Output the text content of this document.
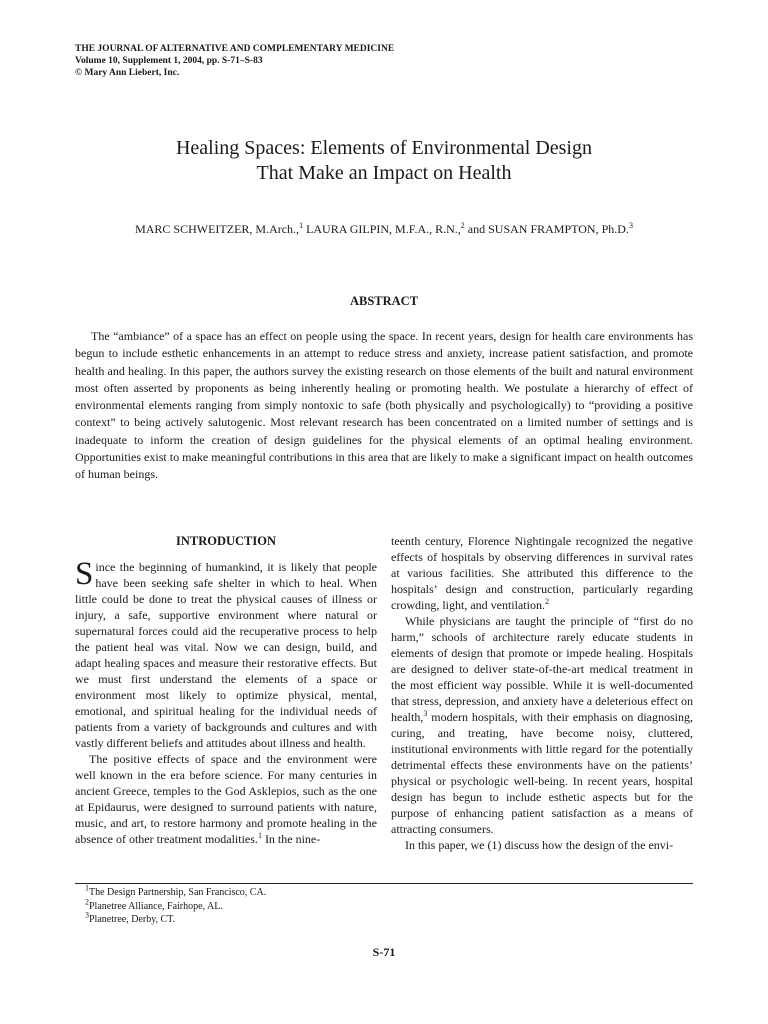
THE JOURNAL OF ALTERNATIVE AND COMPLEMENTARY MEDICINE
Volume 10, Supplement 1, 2004, pp. S-71–S-83
© Mary Ann Liebert, Inc.
Healing Spaces: Elements of Environmental Design
That Make an Impact on Health
MARC SCHWEITZER, M.Arch.,$^1$ LAURA GILPIN, M.F.A., R.N.,$^2$ and SUSAN FRAMPTON, Ph.D.$^3$
ABSTRACT

The “ambiance” of a space has an effect on people using the space. In recent years, design for health care environments has begun to include esthetic enhancements in an attempt to reduce stress and anxiety, increase patient satisfaction, and promote health and healing. In this paper, the authors survey the existing research on those elements of the built and natural environment most often asserted by proponents as being inherently healing or promoting health. We postulate a hierarchy of effect of environmental elements ranging from simply nontoxic to safe (both physically and psychologically) to “providing a positive context” to being actively salutogenic. Most relevant research has been concentrated on a limited number of settings and is inadequate to inform the creation of design guidelines for the physical elements of an optimal healing environment. Opportunities exist to make meaningful contributions in this area that are likely to make a significant impact on health outcomes of human beings.

INTRODUCTION

Since the beginning of humankind, it is likely that people have been seeking safe shelter in which to heal. When little could be done to treat the physical causes of illness or injury, a safe, supportive environment where natural or supernatural forces could aid the recuperative process to help the patient heal was vital. Now we can design, build, and adapt healing spaces and measure their restorative effects. But we must first understand the elements of a space or environment most likely to optimize physical, mental, emotional, and spiritual healing for the individual needs of patients from a variety of backgrounds and cultures and with vastly different beliefs and attitudes about illness and health.

The positive effects of space and the environment were well known in the era before science. For many centuries in ancient Greece, temples to the God Asklepios, such as the one at Epidaurus, were designed to surround patients with nature, music, and art, to restore harmony and promote healing in the absence of other treatment modalities.$^1$ In the nine-

teenth century, Florence Nightingale recognized the negative effects of hospitals by observing differences in survival rates at various facilities. She attributed this difference to the hospitals’ design and construction, particularly regarding crowding, light, and ventilation.$^2$

While physicians are taught the principle of “first do no harm,” schools of architecture rarely educate students in elements of design that promote or impede healing. Hospitals are designed to deliver state-of-the-art medical treatment in the most efficient way possible. While it is well-documented that stress, depression, and anxiety have a deleterious effect on health,$^3$ modern hospitals, with their emphasis on diagnosing, curing, and treating, have become noisy, cluttered, institutional environments with little regard for the potentially detrimental effects these environments have on the patients’ physical or psychologic well-being. In recent years, hospital design has begun to include esthetic aspects but for the purpose of enhancing patient satisfaction as a means of attracting consumers.

In this paper, we (1) discuss how the design of the envi-

$^1$The Design Partnership, San Francisco, CA.
$^2$Planetree Alliance, Fairhope, AL.
$^3$Planetree, Derby, CT.
S-71
